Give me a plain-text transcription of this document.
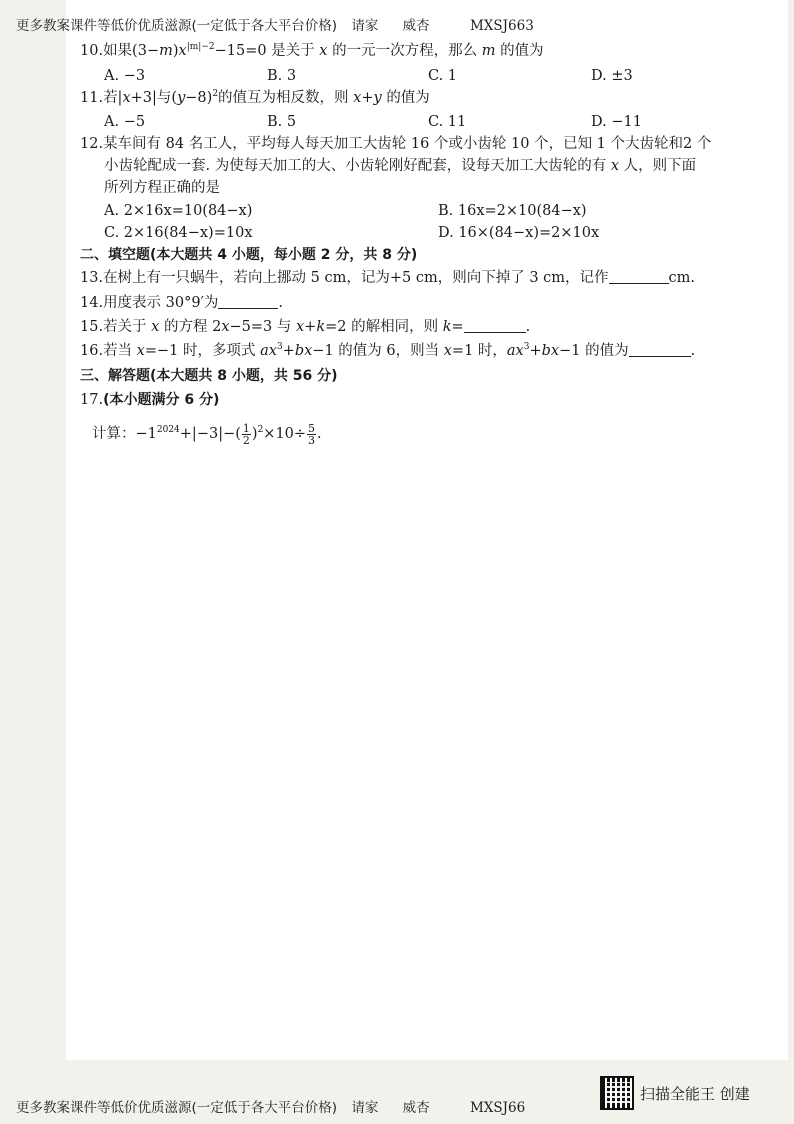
更多教案课件等低价优质滋源(一定低于各大平台价格) 请家 威杏	MXSJ663
10.如果$(3-m)x^{|m|-2}-15=0$ 是关于 x 的一元一次方程，那么 m 的值为
A. −3	B. 3	C. 1	D. ±3
11.若|x+3|与$(y-8)^2$的值互为相反数，则 x+y 的值为
A. −5	B. 5	C. 11	D. −11
12.某车间有 84 名工人，平均每人每天加工大齿轮 16 个或小齿轮 10 个，已知 1 个大齿轮和2 个
小齿轮配成一套. 为使每天加工的大、小齿轮刚好配套，设每天加工大齿轮的有 x 人，则下面
所列方程正确的是
A. 2×16x=10(84−x)	B. 16x=2×10(84−x)
C. 2×16(84−x)=10x	D. 16×(84−x)=2×10x
二、填空题(本大题共 4 小题，每小题 2 分，共 8 分)
13.在树上有一只蜗牛，若向上挪动 5 cm，记为+5 cm，则向下掉了 3 cm，记作	cm.
14.用度表示 30°9′为	.
15.若关于 x 的方程 2x−5=3 与 x+k=2 的解相同，则 k=	.
16.若当 x=−1 时，多项式 $ax^3+bx-1$ 的值为 6，则当 x=1 时，$ax^3+bx-1$ 的值为	.
三、解答题(本大题共 8 小题，共 56 分)
17.(本小题满分 6 分)
计算：$-1^{2024}+|-3|-( \frac{1}{2} )^2\times 10\div \frac{5}{3}$ .
更多教案课件等低价优质滋源(一定低于各大平台价格) 请家 威杏	MXSJ66
扫描全能王 创建
